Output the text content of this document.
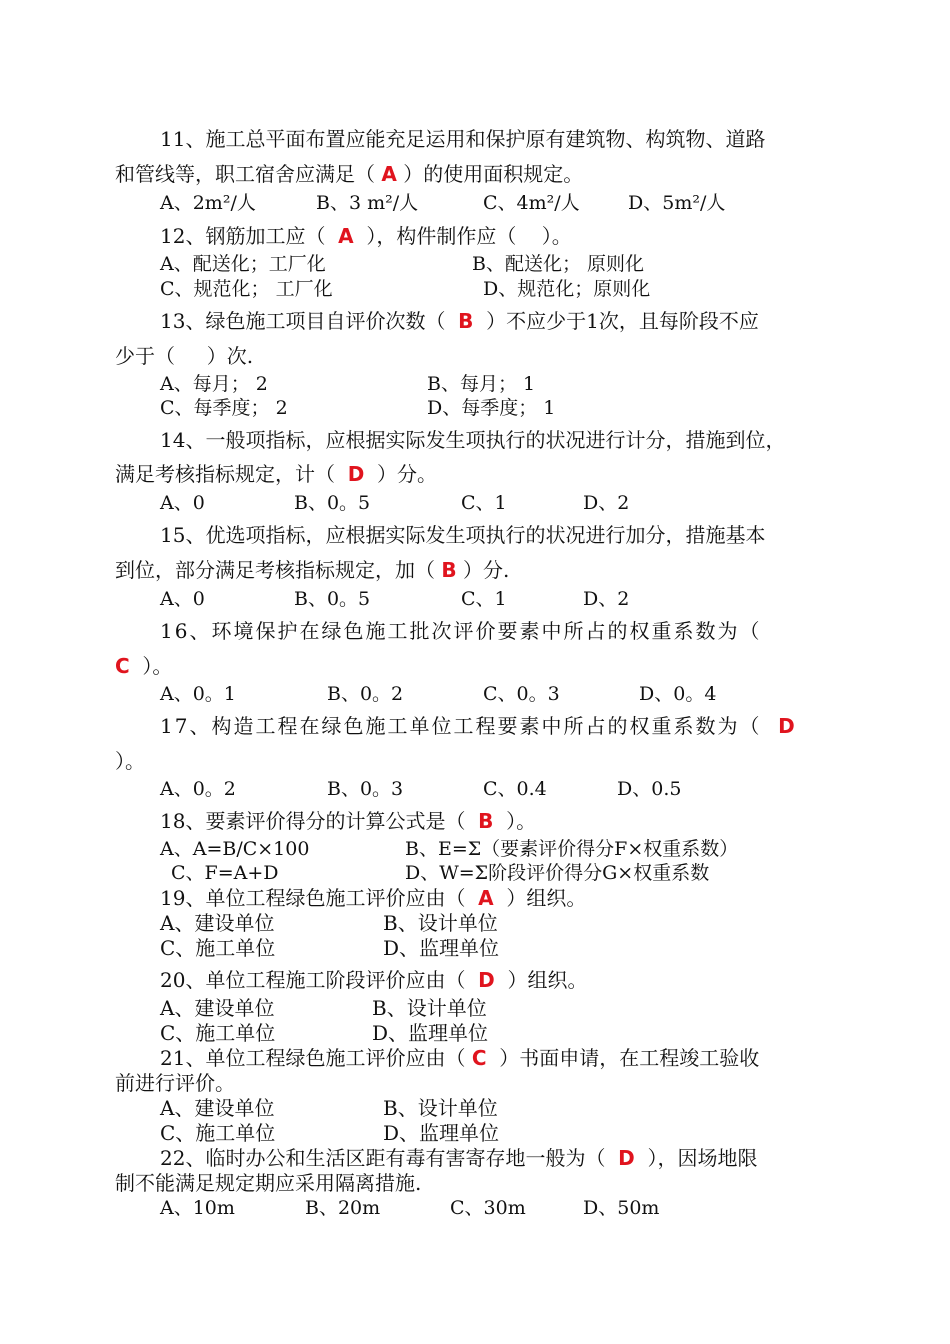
11、施工总平面布置应能充足运用和保护原有建筑物、构筑物、道路
和管线等，职工宿舍应满足（ A ）的使用面积规定。
A、2m²/人	B、3 m²/人	C、4m²/人	D、5m²/人
12、钢筋加工应（  A  ），构件制作应（    ）。
A、配送化；工厂化	B、配送化； 原则化
C、规范化； 工厂化	D、规范化；原则化
13、绿色施工项目自评价次数（  B  ）不应少于1次，且每阶段不应
少于（     ）次.
A、每月； 2	B、每月； 1
C、每季度； 2	D、每季度； 1
14、一般项指标，应根据实际发生项执行的状况进行计分，措施到位，
满足考核指标规定，计（  D  ）分。
A、0	B、0。5	C、1	D、2
15、优选项指标，应根据实际发生项执行的状况进行加分，措施基本
到位，部分满足考核指标规定，加（ B ）分.
A、0	B、0。5	C、1	D、2
16、环境保护在绿色施工批次评价要素中所占的权重系数为（
C  ）。
A、0。1	B、0。2	C、0。3	D、0。4
17、构造工程在绿色施工单位工程要素中所占的权重系数为（  D
）。
A、0。2	B、0。3	C、0.4	D、0.5
18、要素评价得分的计算公式是（  B  ）。
A、A=B/C×100	B、E=Σ（要素评价得分F×权重系数）
C、F=A+D	D、W=Σ阶段评价得分G×权重系数
19、单位工程绿色施工评价应由（  A  ）组织。
A、建设单位	B、设计单位
C、施工单位	D、监理单位
20、单位工程施工阶段评价应由（  D  ）组织。
A、建设单位	B、设计单位
C、施工单位	D、监理单位
21、单位工程绿色施工评价应由（ C  ）书面申请，在工程竣工验收
前进行评价。
A、建设单位	B、设计单位
C、施工单位	D、监理单位
22、临时办公和生活区距有毒有害寄存地一般为（  D  ），因场地限
制不能满足规定期应采用隔离措施.
A、10m	B、20m	C、30m	D、50m
